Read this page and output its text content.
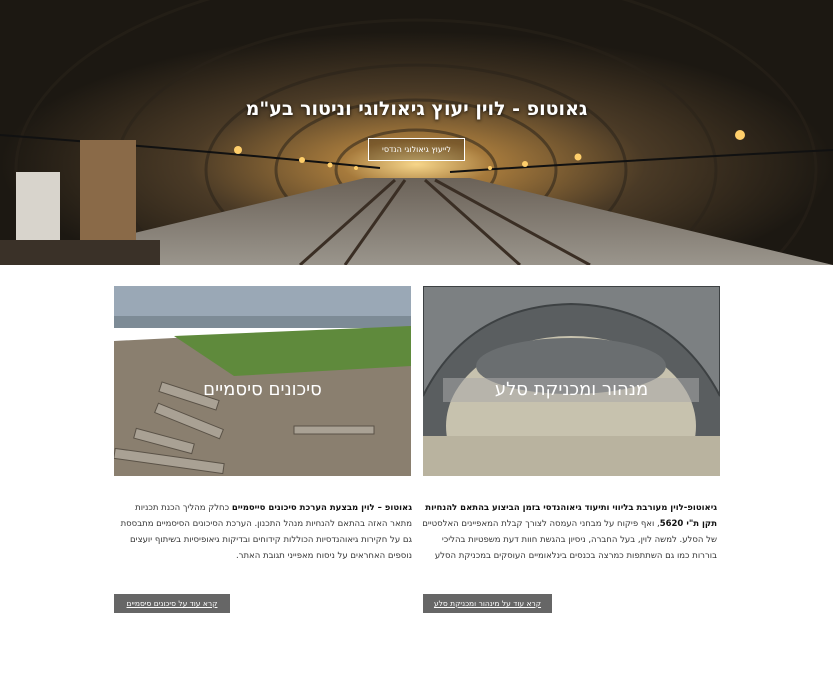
גאוטופ - לוין יעוץ גיאולוגי וניטור בע"מ
לייעוץ גיאולוגי הנדסי
מנהור ומכניקת סלע
סיכונים סיסמיים
גיאוטופ-לוין מעורבת בליווי ותיעוד גיאוהנדסי בזמן הביצוע בהתאם להנחיות תקן ת"י 5620, ואף פיקוח על מבחני העמסה לצורך קבלת המאפיינים האלסטיים של הסלע. למשה לוין, בעל החברה, ניסיון בהגשת חוות דעת משפטיות בהליכי בוררות כמו גם השתתפות כמרצה בכנסים בינלאומיים העוסקים במכניקת הסלע
גאוטופ – לוין מבצעת הערכת סיכונים סייסמיים כחלק מהליך הכנת תכניות מתאר האזה בהתאם להנחיות מנהל התכנון. הערכת הסיכונים הסיסמיים מתבססת גם על חקירות גיאוהנדסיות הכוללות קידוחים ובדיקות גיאופיסיות בשיתוף יועצים נוספים האחראים על ניסוח מאפייני תגובת האתר.
קרא עוד על מינהור ומכניקת סלע
קרא עוד על סיכונים סיסמיים
